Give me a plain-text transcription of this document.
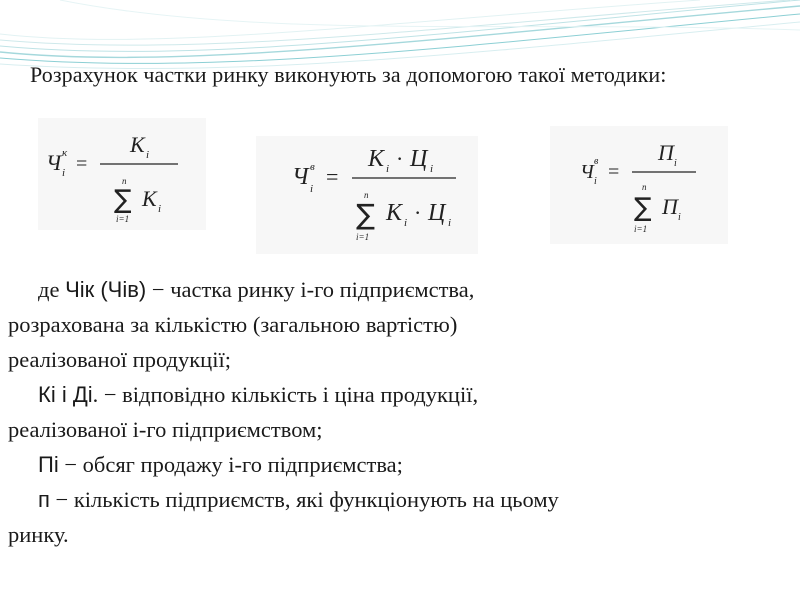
Розрахунок частки ринку виконують за допомогою такої методики:
Ч к
i =
K i
n
∑
i=1
K i
Ч в
i =
K i · Ц i
n
∑
i=1
K i · Ц i
Ч в
i =
П i
n
∑
i=1
П i

де Чік (Чів) − частка ринку і-го підприємства,

розрахована за кількістю (загальною вартістю)

реалізованої продукції;

Кі і Ді. − відповідно кількість і ціна продукції,

реалізованої і-го підприємством;

Пі − обсяг продажу і-го підприємства;

п − кількість підприємств, які функціонують на цьому

ринку.
